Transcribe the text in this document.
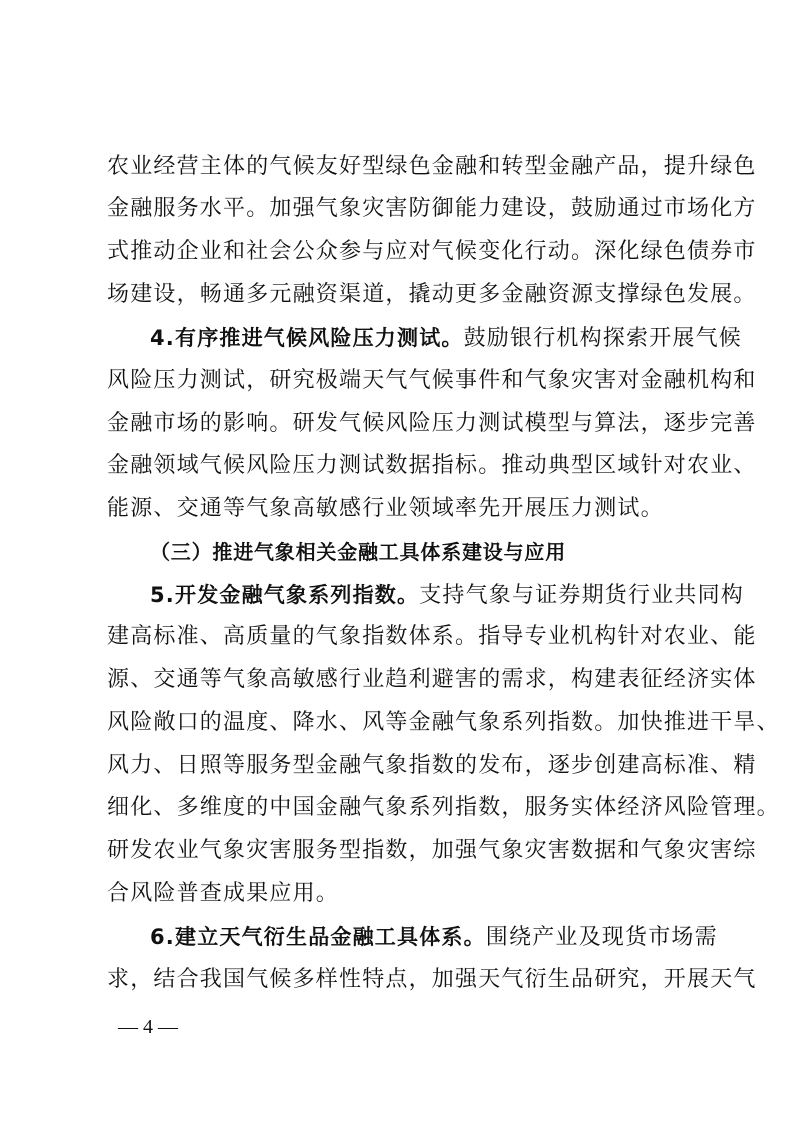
农业经营主体的气候友好型绿色金融和转型金融产品，提升绿色
金融服务水平。加强气象灾害防御能力建设，鼓励通过市场化方
式推动企业和社会公众参与应对气候变化行动。深化绿色债券市
场建设，畅通多元融资渠道，撬动更多金融资源支撑绿色发展。
4.有序推进气候风险压力测试。鼓励银行机构探索开展气候
风险压力测试，研究极端天气气候事件和气象灾害对金融机构和
金融市场的影响。研发气候风险压力测试模型与算法，逐步完善
金融领域气候风险压力测试数据指标。推动典型区域针对农业、
能源、交通等气象高敏感行业领域率先开展压力测试。
（三）推进气象相关金融工具体系建设与应用
5.开发金融气象系列指数。支持气象与证券期货行业共同构
建高标准、高质量的气象指数体系。指导专业机构针对农业、能
源、交通等气象高敏感行业趋利避害的需求，构建表征经济实体
风险敞口的温度、降水、风等金融气象系列指数。加快推进干旱、
风力、日照等服务型金融气象指数的发布，逐步创建高标准、精
细化、多维度的中国金融气象系列指数，服务实体经济风险管理。
研发农业气象灾害服务型指数，加强气象灾害数据和气象灾害综
合风险普查成果应用。
6.建立天气衍生品金融工具体系。围绕产业及现货市场需
求，结合我国气候多样性特点，加强天气衍生品研究，开展天气
— 4 —
